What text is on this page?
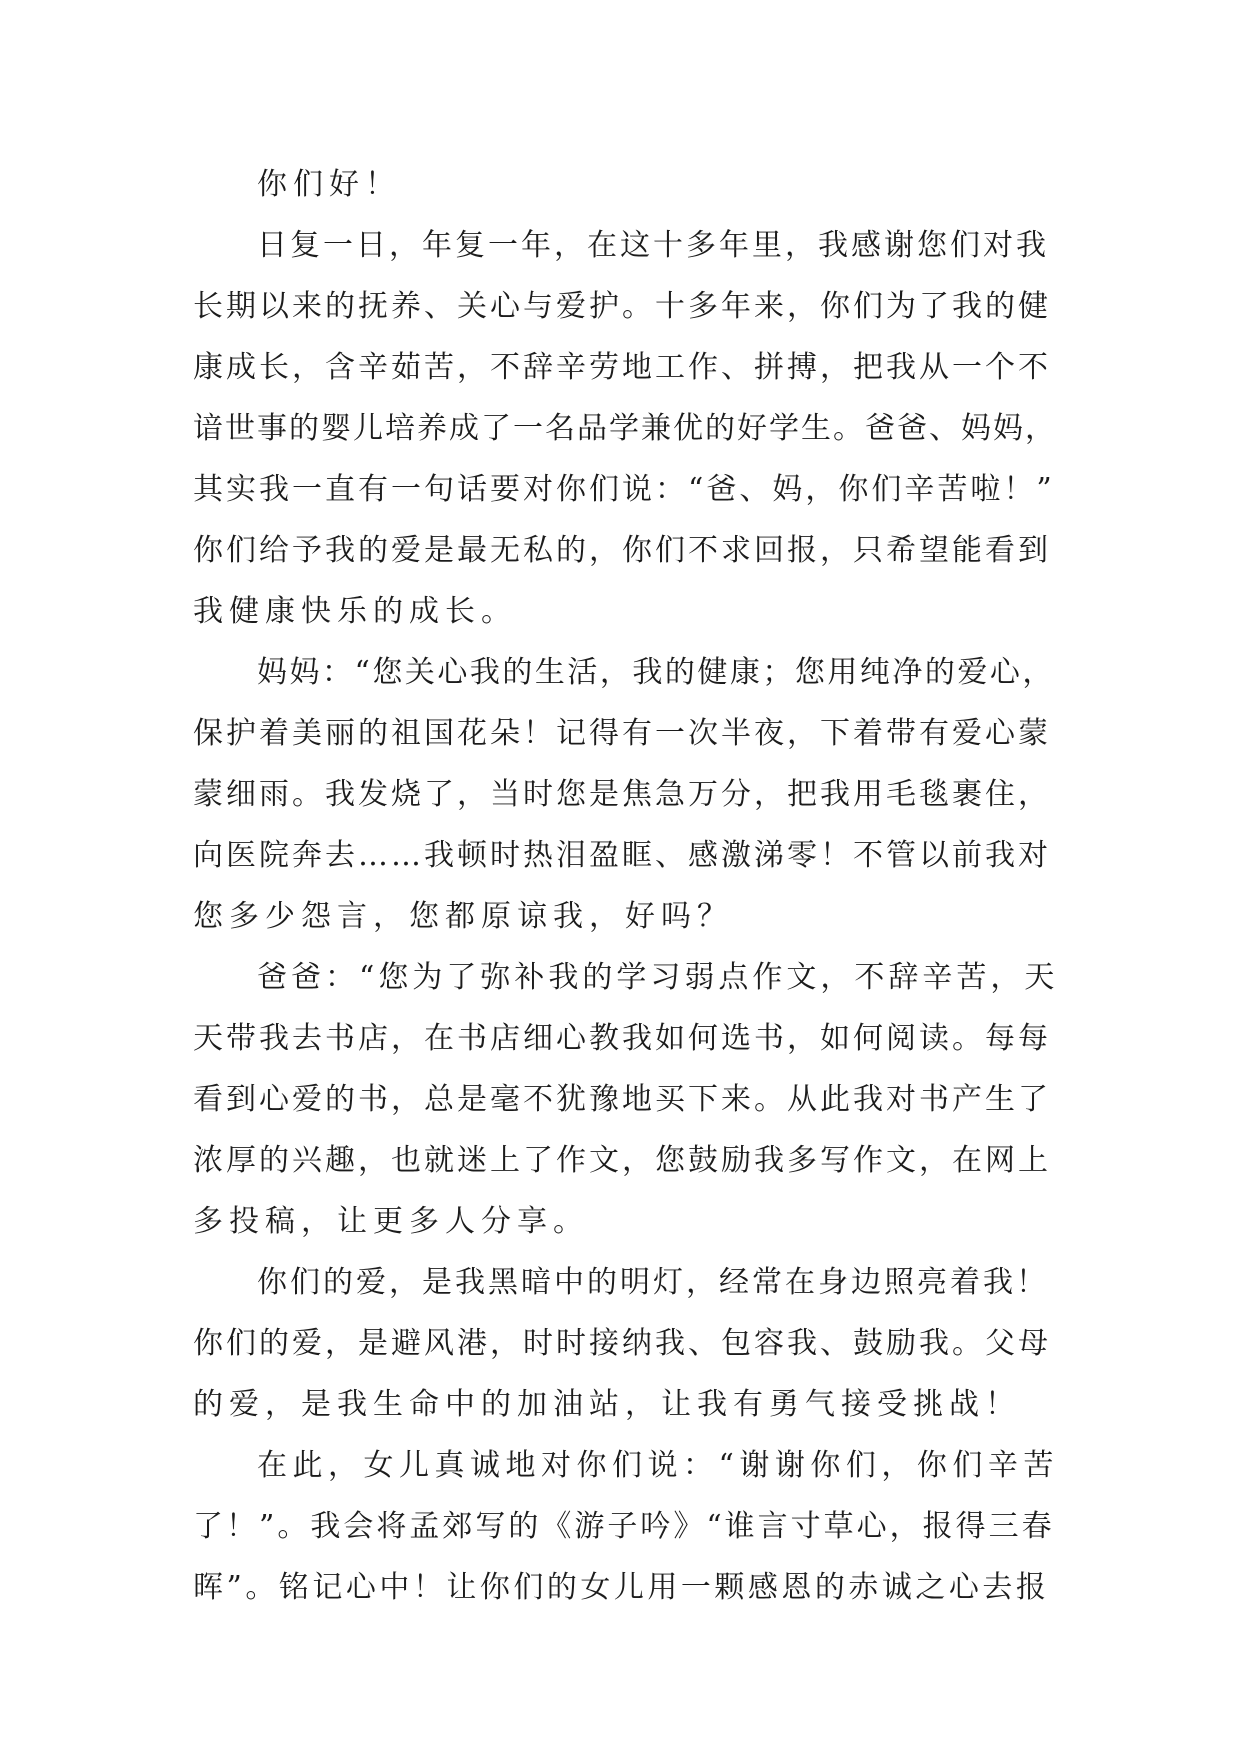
你们好！
日复一日，年复一年，在这十多年里，我感谢您们对我
长期以来的抚养、关心与爱护。十多年来，你们为了我的健
康成长，含辛茹苦，不辞辛劳地工作、拼搏，把我从一个不
谙世事的婴儿培养成了一名品学兼优的好学生。爸爸、妈妈，
其实我一直有一句话要对你们说：“爸、妈，你们辛苦啦！”
你们给予我的爱是最无私的，你们不求回报，只希望能看到
我健康快乐的成长。
妈妈：“您关心我的生活，我的健康；您用纯净的爱心，
保护着美丽的祖国花朵！记得有一次半夜，下着带有爱心蒙
蒙细雨。我发烧了，当时您是焦急万分，把我用毛毯裹住，
向医院奔去……我顿时热泪盈眶、感激涕零！不管以前我对
您多少怨言，您都原谅我，好吗？
爸爸：“您为了弥补我的学习弱点作文，不辞辛苦，天
天带我去书店，在书店细心教我如何选书，如何阅读。每每
看到心爱的书，总是毫不犹豫地买下来。从此我对书产生了
浓厚的兴趣，也就迷上了作文，您鼓励我多写作文，在网上
多投稿，让更多人分享。
你们的爱，是我黑暗中的明灯，经常在身边照亮着我！
你们的爱，是避风港，时时接纳我、包容我、鼓励我。父母
的爱，是我生命中的加油站，让我有勇气接受挑战！
在此，女儿真诚地对你们说：“谢谢你们，你们辛苦
了！”。我会将孟郊写的《游子吟》“谁言寸草心，报得三春
晖”。铭记心中！让你们的女儿用一颗感恩的赤诚之心去报
